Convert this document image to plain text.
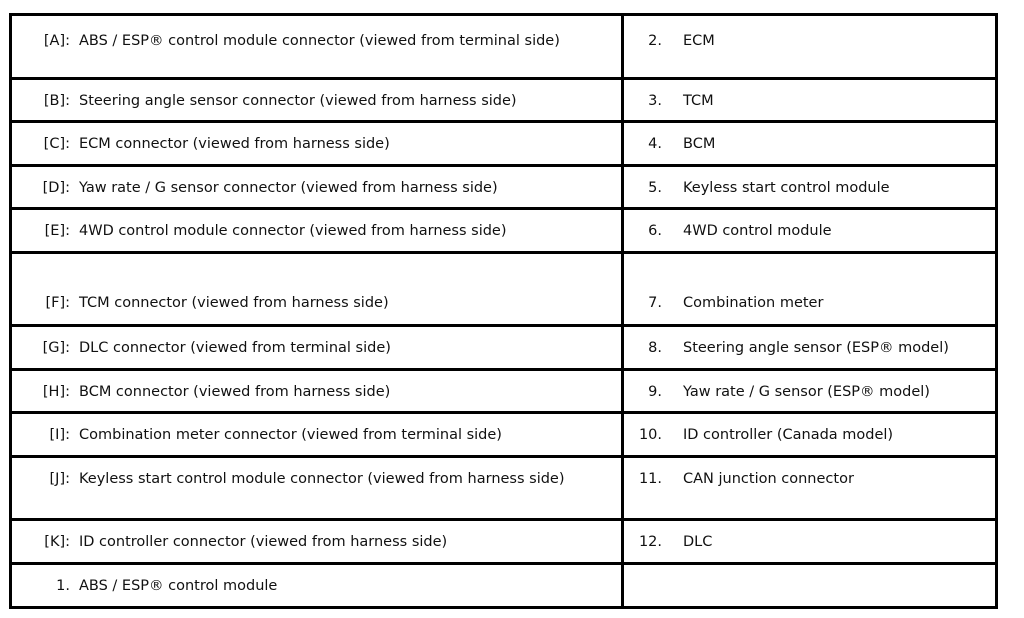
[A]: ABS / ESP® control module connector (viewed from terminal side)	2. ECM

[B]: Steering angle sensor connector (viewed from harness side)	3. TCM

[C]: ECM connector (viewed from harness side)	4. BCM

[D]: Yaw rate / G sensor connector (viewed from harness side)	5. Keyless start control module

[E]: 4WD control module connector (viewed from harness side)	6. 4WD control module

[F]: TCM connector (viewed from harness side)	7. Combination meter

[G]: DLC connector (viewed from terminal side)	8. Steering angle sensor (ESP® model)

[H]: BCM connector (viewed from harness side)	9. Yaw rate / G sensor (ESP® model)

[I]: Combination meter connector (viewed from terminal side)	10. ID controller (Canada model)

[J]: Keyless start control module connector (viewed from harness side)	11. CAN junction connector

[K]: ID controller connector (viewed from harness side)	12. DLC

1. ABS / ESP® control module	
